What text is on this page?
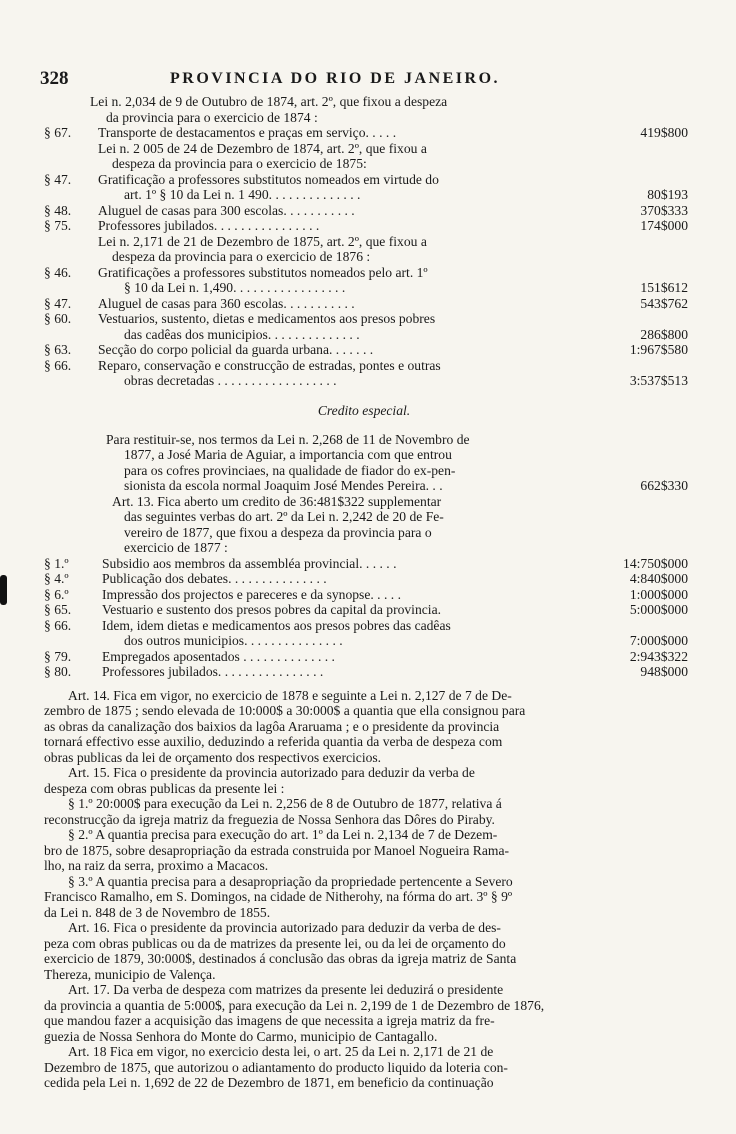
328	PROVINCIA DO RIO DE JANEIRO.
Lei n. 2,034 de 9 de Outubro de 1874, art. 2º, que fixou a despeza
da provincia para o exercicio de 1874 :
§ 67. Transporte de destacamentos e praças em serviço. . . . .	419$800
Lei n. 2 005 de 24 de Dezembro de 1874, art. 2º, que fixou a
despeza da provincia para o exercicio de 1875:
§ 47. Gratificação a professores substitutos nomeados em virtude do
art. 1º § 10 da Lei n. 1 490. . . . . . . . . . . . . .	80$193
§ 48. Aluguel de casas para 300 escolas. . . . . . . . . . .	370$333
§ 75. Professores jubilados. . . . . . . . . . . . . . . .	174$000
Lei n. 2,171 de 21 de Dezembro de 1875, art. 2º, que fixou a
despeza da provincia para o exercicio de 1876 :
§ 46. Gratificações a professores substitutos nomeados pelo art. 1º
§ 10 da Lei n. 1,490. . . . . . . . . . . . . . . . .	151$612
§ 47. Aluguel de casas para 360 escolas. . . . . . . . . . .	543$762
§ 60. Vestuarios, sustento, dietas e medicamentos aos presos pobres
das cadêas dos municipios. . . . . . . . . . . . . .	286$800
§ 63. Secção do corpo policial da guarda urbana. . . . . . .	1:967$580
§ 66. Reparo, conservação e construcção de estradas, pontes e outras
obras decretadas . . . . . . . . . . . . . . . . . .	3:537$513
Credito especial.
Para restituir-se, nos termos da Lei n. 2,268 de 11 de Novembro de
1877, a José Maria de Aguiar, a importancia com que entrou
para os cofres provinciaes, na qualidade de fiador do ex-pen-
sionista da escola normal Joaquim José Mendes Pereira. . .	662$330
Art. 13. Fica aberto um credito de 36:481$322 supplementar
das seguintes verbas do art. 2º da Lei n. 2,242 de 20 de Fe-
vereiro de 1877, que fixou a despeza da provincia para o
exercicio de 1877 :
§ 1.º Subsidio aos membros da assembléa provincial. . . . . .	14:750$000
§ 4.º Publicação dos debates. . . . . . . . . . . . . . .	4:840$000
§ 6.º Impressão dos projectos e pareceres e da synopse. . . . .	1:000$000
§ 65. Vestuario e sustento dos presos pobres da capital da provincia.	5:000$000
§ 66. Idem, idem dietas e medicamentos aos presos pobres das cadêas
dos outros municipios. . . . . . . . . . . . . . .	7:000$000
§ 79. Empregados aposentados . . . . . . . . . . . . . .	2:943$322
§ 80. Professores jubilados. . . . . . . . . . . . . . . .	948$000
Art. 14. Fica em vigor, no exercicio de 1878 e seguinte a Lei n. 2,127 de 7 de De-
zembro de 1875 ; sendo elevada de 10:000$ a 30:000$ a quantia que ella consignou para
as obras da canalização dos baixios da lagôa Araruama ; e o presidente da provincia
tornará effectivo esse auxilio, deduzindo a referida quantia da verba de despeza com
obras publicas da lei de orçamento dos respectivos exercicios.
Art. 15. Fica o presidente da provincia autorizado para deduzir da verba de
despeza com obras publicas da presente lei :
§ 1.º 20:000$ para execução da Lei n. 2,256 de 8 de Outubro de 1877, relativa á
reconstrucção da igreja matriz da freguezia de Nossa Senhora das Dôres do Piraby.
§ 2.º A quantia precisa para execução do art. 1º da Lei n. 2,134 de 7 de Dezem-
bro de 1875, sobre desapropriação da estrada construida por Manoel Nogueira Rama-
lho, na raiz da serra, proximo a Macacos.
§ 3.º A quantia precisa para a desapropriação da propriedade pertencente a Severo
Francisco Ramalho, em S. Domingos, na cidade de Nitherohy, na fórma do art. 3º § 9º
da Lei n. 848 de 3 de Novembro de 1855.
Art. 16. Fica o presidente da provincia autorizado para deduzir da verba de des-
peza com obras publicas ou da de matrizes da presente lei, ou da lei de orçamento do
exercicio de 1879, 30:000$, destinados á conclusão das obras da igreja matriz de Santa
Thereza, municipio de Valença.
Art. 17. Da verba de despeza com matrizes da presente lei deduzirá o presidente
da provincia a quantia de 5:000$, para execução da Lei n. 2,199 de 1 de Dezembro de 1876,
que mandou fazer a acquisição das imagens de que necessita a igreja matriz da fre-
guezia de Nossa Senhora do Monte do Carmo, municipio de Cantagallo.
Art. 18 Fica em vigor, no exercicio desta lei, o art. 25 da Lei n. 2,171 de 21 de
Dezembro de 1875, que autorizou o adiantamento do producto liquido da loteria con-
cedida pela Lei n. 1,692 de 22 de Dezembro de 1871, em beneficio da continuação
